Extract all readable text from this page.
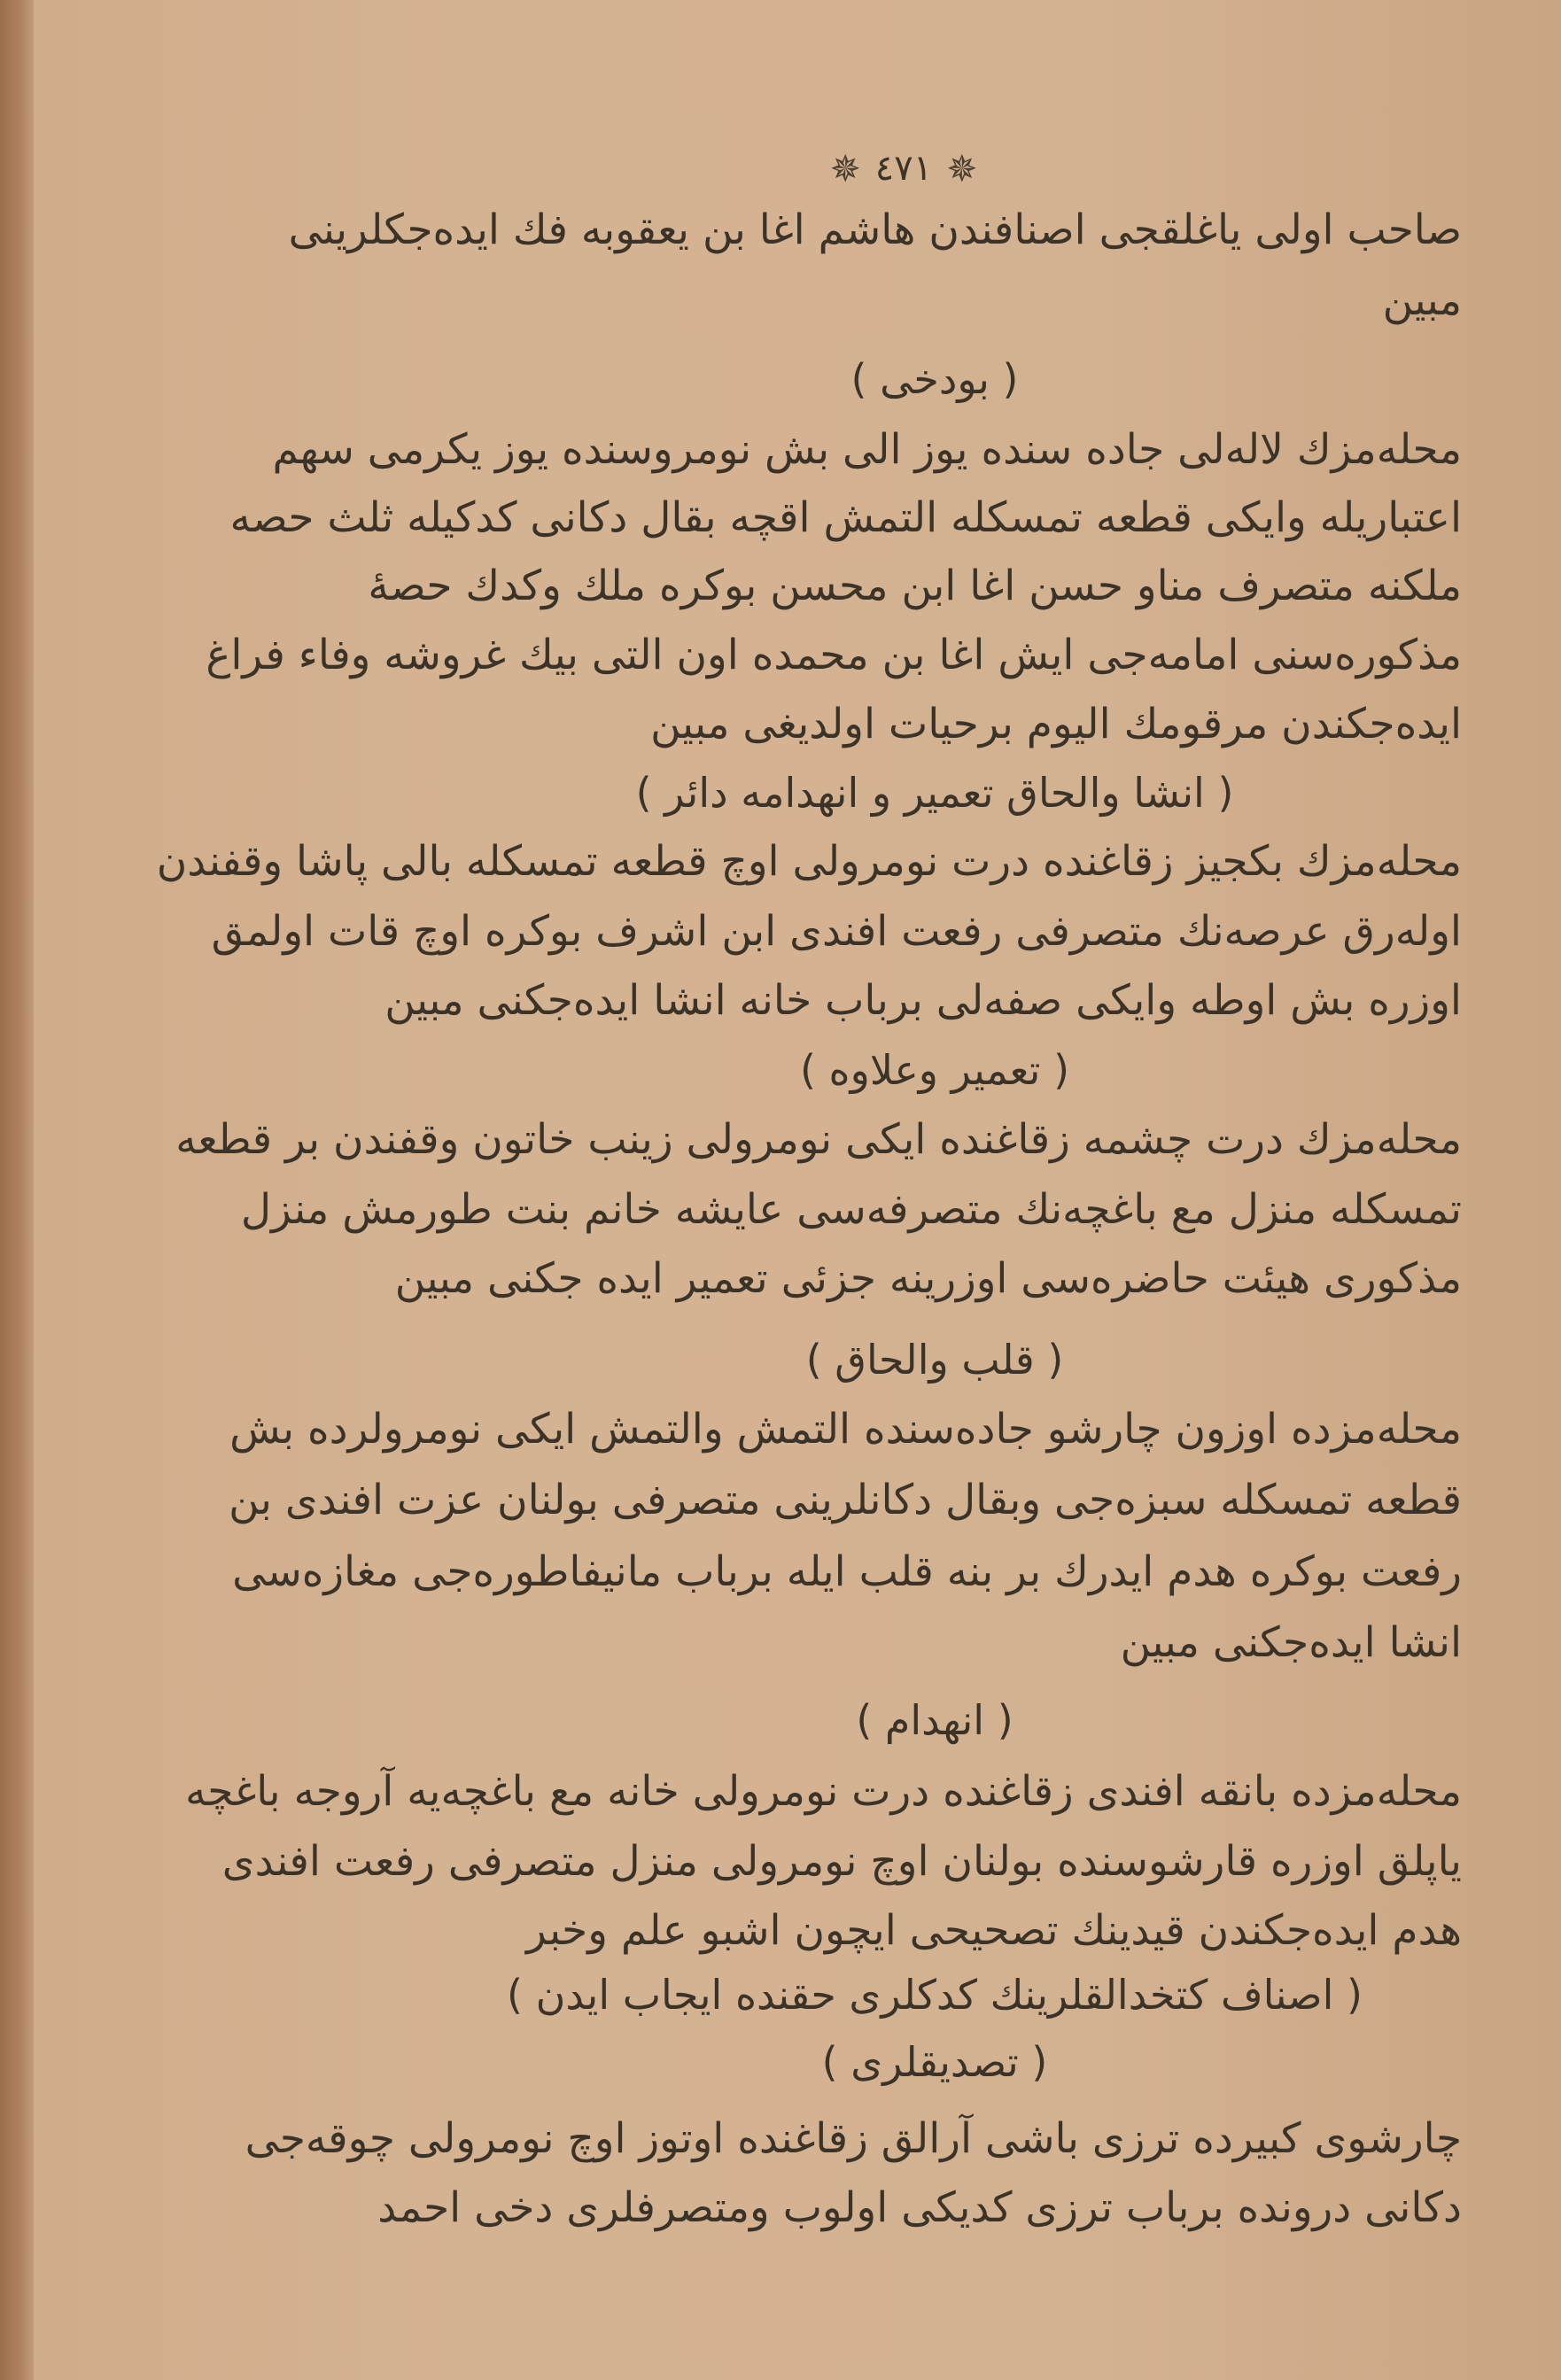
✵ ٤٧١ ✵
صاحب اولی یاغلقجی اصنافندن هاشم اغا بن یعقوبه فك ایده‌جکلرینی
مبین
( بودخی )
محله‌مزك لاله‌لی جاده سنده یوز الی بش نومروسنده یوز یکرمی سهم
اعتباریله وایکی قطعه تمسکله التمش اقچه بقال دکانی کدکیله ثلث حصه
ملکنه متصرف مناو حسن اغا ابن محسن بوکره ملك وکدك حصهٔ
مذکوره‌سنی امامه‌جی ایش اغا بن محمده اون التی بیك غروشه وفاء فراغ
ایده‌جکندن مرقومك الیوم برحیات اولدیغی مبین
( انشا والحاق تعمیر و انهدامه دائر )
محله‌مزك بکجیز زقاغنده درت نومرولی اوچ قطعه تمسکله بالی پاشا وقفندن
اوله‌رق عرصه‌نك متصرفی رفعت افندی ابن اشرف بوکره اوچ قات اولمق
اوزره بش اوطه وایکی صفه‌لی برباب خانه انشا ایده‌جکنی مبین
( تعمیر وعلاوه )
محله‌مزك درت چشمه زقاغنده ایکی نومرولی زینب خاتون وقفندن بر قطعه
تمسکله منزل مع باغچه‌نك متصرفه‌سی عایشه خانم بنت طورمش منزل
مذکوری هیئت حاضره‌سی اوزرینه جزئی تعمیر ایده جکنی مبین
( قلب والحاق )
محله‌مزده اوزون چارشو جاده‌سنده التمش والتمش ایکی نومرولرده بش
قطعه تمسکله سبزه‌جی وبقال دکانلرینی متصرفی بولنان عزت افندی بن
رفعت بوکره هدم ایدرك بر بنه قلب ایله برباب مانیفاطوره‌جی مغازه‌سی
انشا ایده‌جکنی مبین
( انهدام )
محله‌مزده بانقه افندی زقاغنده درت نومرولی خانه مع باغچه‌یه آروجه باغچه
یاپلق اوزره قارشوسنده بولنان اوچ نومرولی منزل متصرفی رفعت افندی
هدم ایده‌جکندن قیدینك تصحیحی ایچون اشبو علم وخبر
( اصناف کتخدالقلرینك کدکلری حقنده ایجاب ایدن )
( تصدیقلری )
چارشوی کبیرده ترزی باشی آرالق زقاغنده اوتوز اوچ نومرولی چوقه‌جی
دکانی درونده برباب ترزی کدیکی اولوب ومتصرفلری دخی احمد
